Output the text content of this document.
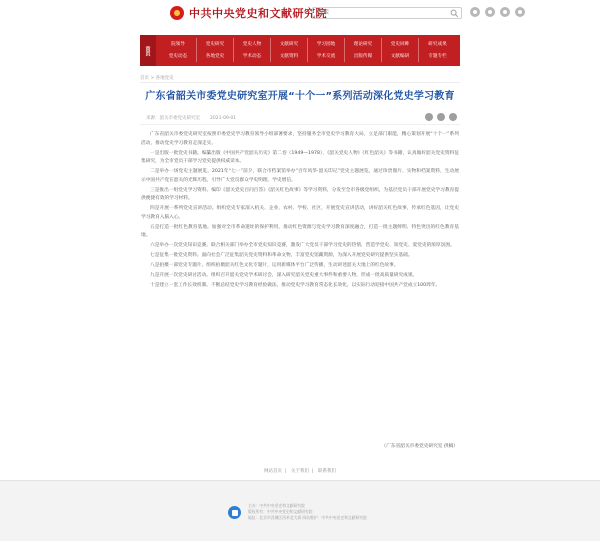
中共中央党史和文献研究院
搜索
首页
院领导	党史研究	党史人物	文献研究	学习园地	理论研究	党史回眸	研究成果
党史动态	各地党史	学术动态	文献资料	学术交流	出版传媒	文献编研	专题专栏
首页 > 各地党史
广东省韶关市委党史研究室开展“十个一”系列活动深化党史学习教育
来源：韶关市委党史研究室 2021-09-01

广东省韶关市委党史研究室按照市委党史学习教育领导小组部署要求，坚持服务全市党史学习教育大局，立足部门职能，精心策划开展“十个一”系列活动，推动党史学习教育走深走实。

一是出版一批党史书籍。编纂出版《中国共产党韶关历史》第二卷（1949—1978）、《韶关党史人物》《红色韶关》等书籍，认真做好韶关党史资料征集研究，为全市党员干部学习党史提供权威读本。

二是举办一场党史主题展览。2021年“七一”前夕，联合市档案馆举办“百年风华·韶关印记”党史主题展览，通过珍贵图片、实物和档案资料，生动展示中国共产党在韶关的光辉历程，引导广大党员群众学史明理、学史增信。

三是推出一组党史学习资料。编印《韶关党史百问百答》《韶关红色故事》等学习资料，分发至全市各级党组织，为基层党员干部开展党史学习教育提供便捷有效的学习材料。

四是开展一系列党史宣讲活动。组织党史专家深入机关、企业、农村、学校、社区，开展党史宣讲活动，讲好韶关红色故事，传承红色基因，让党史学习教育入脑入心。

五是打造一批红色教育基地。加强对全市革命遗址的保护利用，推动红色资源与党史学习教育深度融合，打造一批主题鲜明、特色突出的红色教育基地。

六是举办一次党史知识竞赛。联合相关部门举办全市党史知识竞赛，激发广大党员干部学习党史的热情，营造学党史、知党史、爱党史的浓厚氛围。

七是征集一批党史资料。面向社会广泛征集韶关党史资料和革命文物，丰富党史馆藏资源，为深入开展党史研究提供坚实基础。

八是拍摄一部党史专题片。组织拍摄韶关红色文化专题片，运用新媒体平台广泛传播，生动讲述韶关大地上的红色故事。

九是开展一次党史研讨活动。组织召开韶关党史学术研讨会，深入研究韶关党史重大事件和重要人物，形成一批高质量研究成果。

十是建立一套工作长效机制。不断总结党史学习教育经验做法，推动党史学习教育常态化长效化，以实际行动迎接中国共产党成立100周年。

（广东省韶关市委党史研究室 供稿）
网站首页 | 关于我们 | 联系我们
主办：中共中央党史和文献研究院
版权所有：中共中央党史和文献研究院
地址：北京市西城区西单北大街 网站维护：中共中央党史和文献研究院
